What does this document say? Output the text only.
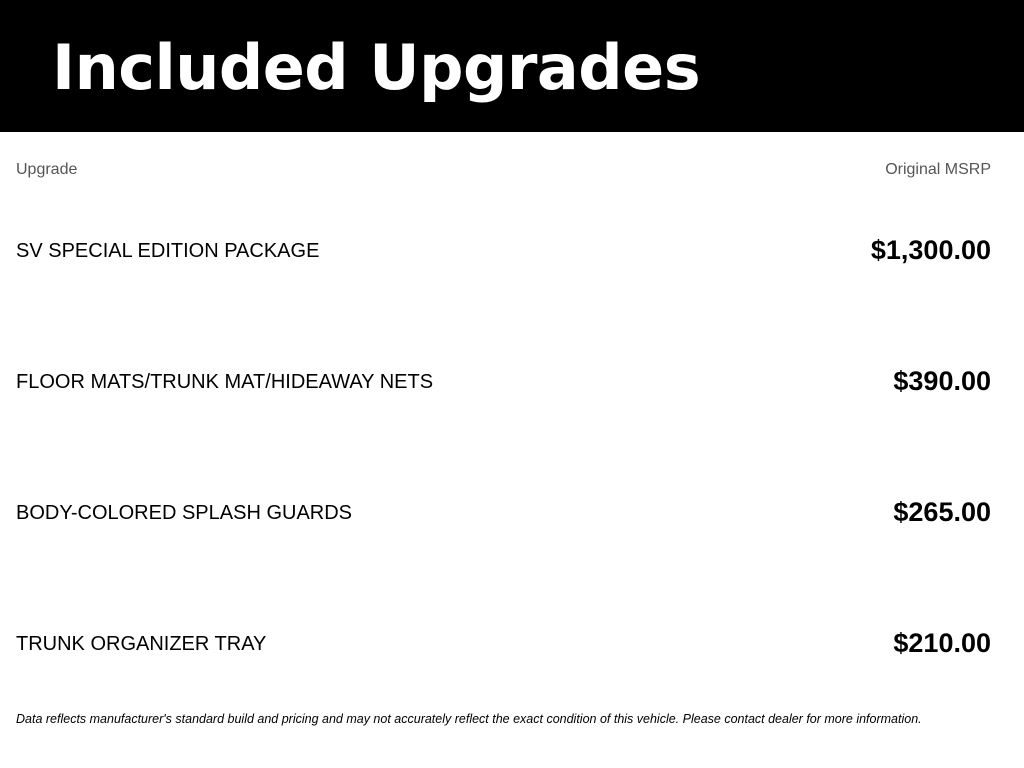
Included Upgrades
Upgrade	Original MSRP
SV SPECIAL EDITION PACKAGE	$1,300.00
FLOOR MATS/TRUNK MAT/HIDEAWAY NETS	$390.00
BODY-COLORED SPLASH GUARDS	$265.00
TRUNK ORGANIZER TRAY	$210.00
Data reflects manufacturer's standard build and pricing and may not accurately reflect the exact condition of this vehicle. Please contact dealer for more information.
